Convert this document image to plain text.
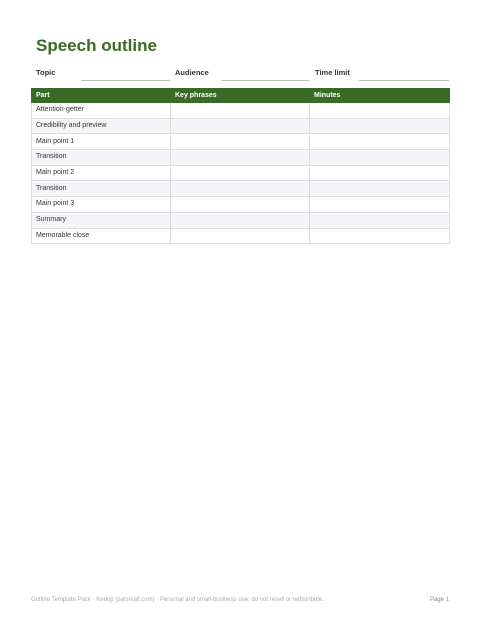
Speech outline
Topic	Audience	Time limit
Part	Key phrases	Minutes
Attention-getter		
Credibility and preview		
Main point 1		
Transition		
Main point 2		
Transition		
Main point 3		
Summary		
Memorable close		
Outline Template Pack · Kedop (patsmall.com) · Personal and small-business use; do not resell or redistribute.	Page 1
